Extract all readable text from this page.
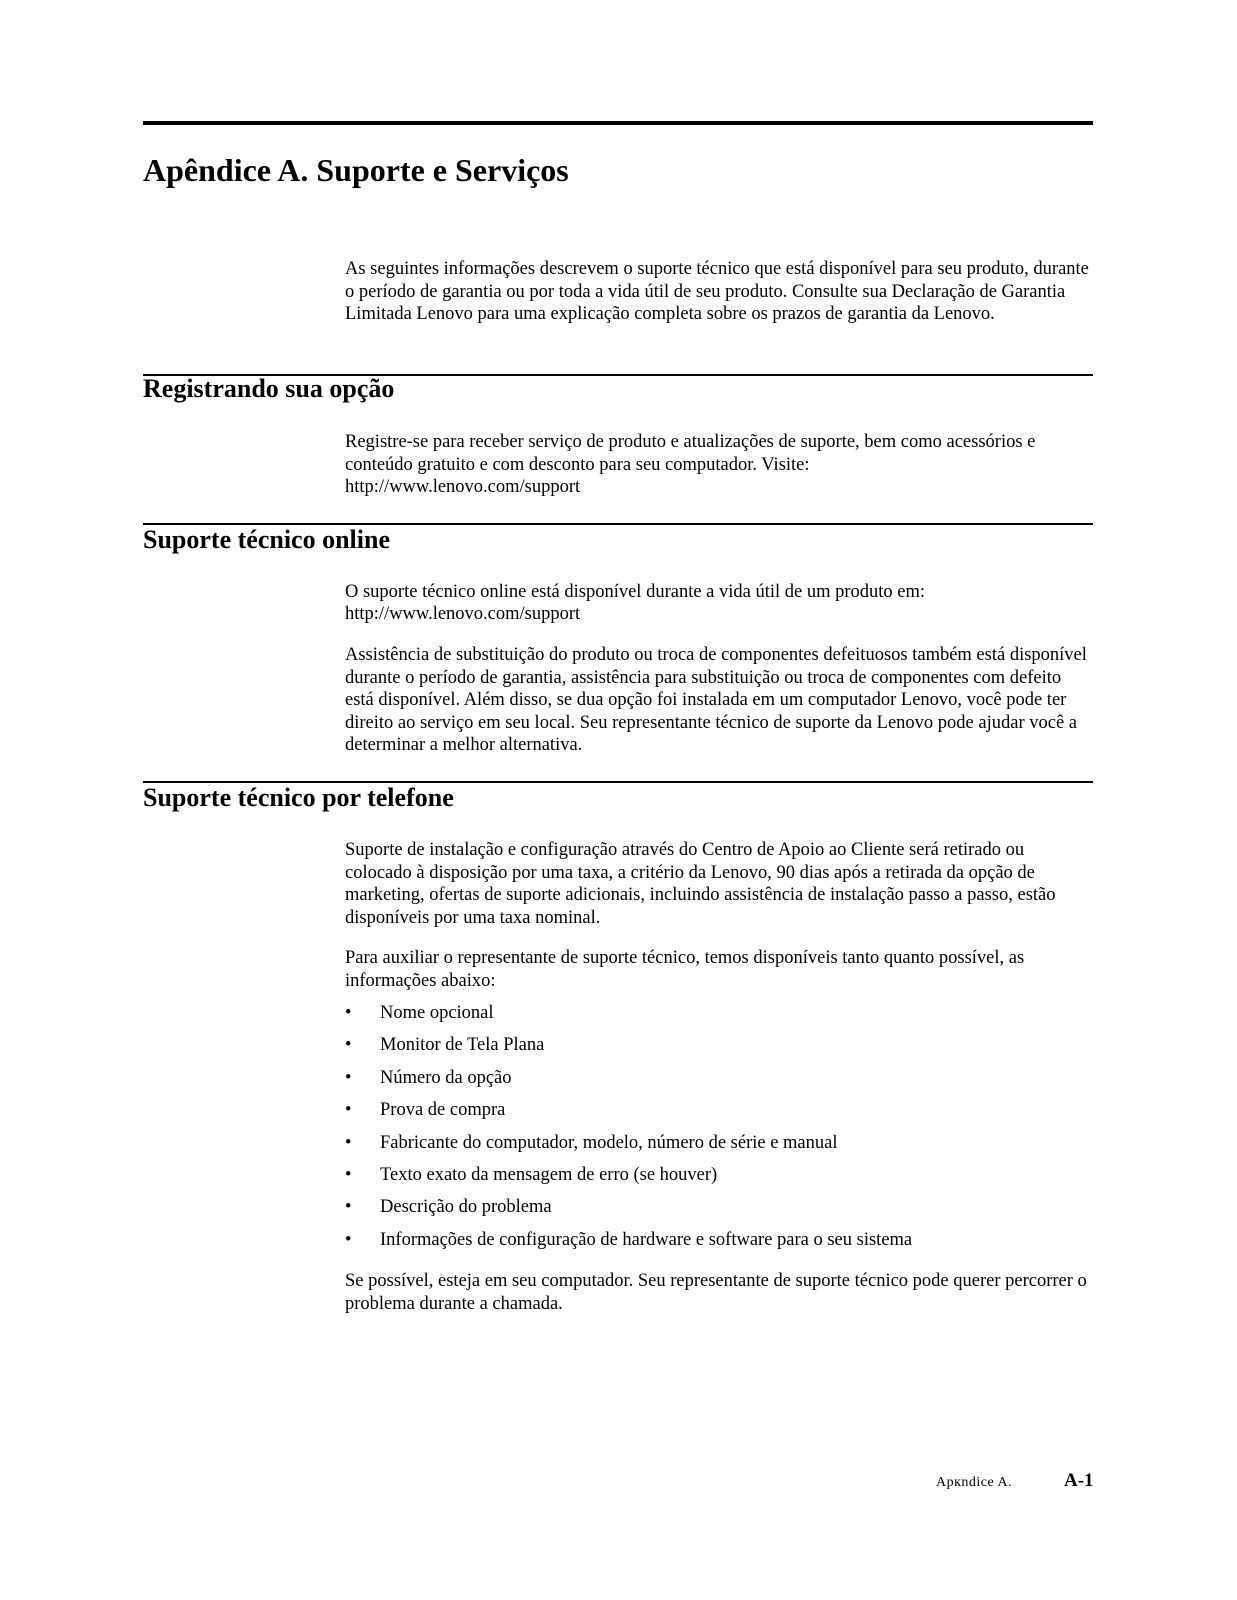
Apêndice A. Suporte e Serviços

As seguintes informações descrevem o suporte técnico que está disponível para seu produto, durante o período de garantia ou por toda a vida útil de seu produto. Consulte sua Declaração de Garantia Limitada Lenovo para uma explicação completa sobre os prazos de garantia da Lenovo.

Registrando sua opção

Registre-se para receber serviço de produto e atualizações de suporte, bem como acessórios e conteúdo gratuito e com desconto para seu computador. Visite:

http://www.lenovo.com/support

Suporte técnico online

O suporte técnico online está disponível durante a vida útil de um produto em:

http://www.lenovo.com/support

Assistência de substituição do produto ou troca de componentes defeituosos também está disponível durante o período de garantia, assistência para substituição ou troca de componentes com defeito está disponível. Além disso, se dua opção foi instalada em um computador Lenovo, você pode ter direito ao serviço em seu local. Seu representante técnico de suporte da Lenovo pode ajudar você a determinar a melhor alternativa.

Suporte técnico por telefone

Suporte de instalação e configuração através do Centro de Apoio ao Cliente será retirado ou colocado à disposição por uma taxa, a critério da Lenovo, 90 dias após a retirada da opção de marketing, ofertas de suporte adicionais, incluindo assistência de instalação passo a passo, estão disponíveis por uma taxa nominal.

Para auxiliar o representante de suporte técnico, temos disponíveis tanto quanto possível, as informações abaixo:

•	Nome opcional
•	Monitor de Tela Plana
•	Número da opção
•	Prova de compra
•	Fabricante do computador, modelo, número de série e manual
•	Texto exato da mensagem de erro (se houver)
•	Descrição do problema
•	Informações de configuração de hardware e software para o seu sistema

Se possível, esteja em seu computador. Seu representante de suporte técnico pode querer percorrer o problema durante a chamada.

Apкndice A.	A-1
